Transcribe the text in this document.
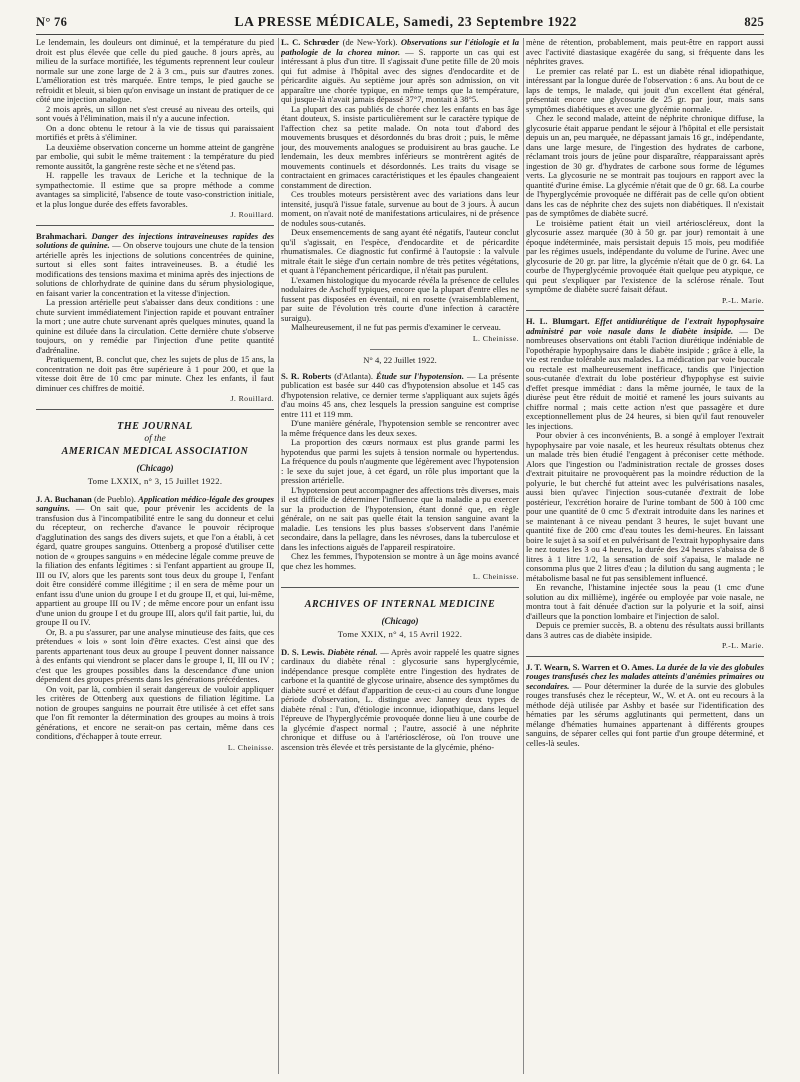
N° 76	LA PRESSE MÉDICALE, Samedi, 23 Septembre 1922	825

Le lendemain, les douleurs ont diminué, et la température du pied droit est plus élevée que celle du pied gauche. 8 jours après, au milieu de la surface mortifiée, les téguments reprennent leur couleur normale sur une zone large de 2 à 3 cm., puis sur d'autres zones. L'amélioration est très marquée. Entre temps, le pied gauche se refroidit et bleuit, si bien qu'on envisage un instant de pratiquer de ce côté une injection analogue.

2 mois après, un sillon net s'est creusé au niveau des orteils, qui sont voués à l'élimination, mais il n'y a aucune infection.

On a donc obtenu le retour à la vie de tissus qui paraissaient mortifiés et prêts à s'éliminer.

La deuxième observation concerne un homme atteint de gangrène par embolie, qui subit le même traitement : la température du pied remonte aussitôt, la gangrène reste sèche et ne s'étend pas.

H. rappelle les travaux de Leriche et la technique de la sympathectomie. Il estime que sa propre méthode a comme avantages sa simplicité, l'absence de toute vaso-constriction initiale, et la plus longue durée des effets favorables.

J. Rouillard.

Brahmachari. Danger des injections intraveineuses rapides des solutions de quinine. — On observe toujours une chute de la tension artérielle après les injections de solutions concentrées de quinine, surtout si elles sont faites intraveineuses. B. a étudié les modifications des tensions maxima et minima après des injections de solutions de chlorhydrate de quinine dans du sérum physiologique, en faisant varier la concentration et la vitesse d'injection.

La pression artérielle peut s'abaisser dans deux conditions : une chute survient immédiatement l'injection rapide et pouvant entraîner la mort ; une autre chute survenant après quelques minutes, quand la quinine est diluée dans la circulation. Cette dernière chute s'observe toujours, on y remédie par l'injection d'une petite quantité d'adrénaline.

Pratiquement, B. conclut que, chez les sujets de plus de 15 ans, la concentration ne doit pas être supérieure à 1 pour 200, et que la vitesse doit être de 10 cmc par minute. Chez les enfants, il faut diminuer ces chiffres de moitié.

J. Rouillard.

THE JOURNAL

of the

AMERICAN MEDICAL ASSOCIATION

(Chicago)

Tome LXXIX, n° 3, 15 Juillet 1922.

J. A. Buchanan (de Pueblo). Application médico-légale des groupes sanguins. — On sait que, pour prévenir les accidents de la transfusion dus à l'incompatibilité entre le sang du donneur et celui du récepteur, on recherche d'avance le pouvoir réciproque d'agglutination des sangs des divers sujets, et que l'on a établi, à cet égard, quatre groupes sanguins. Ottenberg a proposé d'utiliser cette notion de « groupes sanguins » en médecine légale comme preuve de la filiation des enfants légitimes : si l'enfant appartient au groupe II, III ou IV, alors que les parents sont tous deux du groupe I, l'enfant doit être considéré comme illégitime ; il en sera de même pour un enfant issu d'une union du groupe I et du groupe II, et qui, lui-même, appartient au groupe III ou IV ; de même encore pour un enfant issu d'une union du groupe I et du groupe III, alors qu'il fait partie, lui, du groupe II ou IV.

Or, B. a pu s'assurer, par une analyse minutieuse des faits, que ces prétendues « lois » sont loin d'être exactes. C'est ainsi que des parents appartenant tous deux au groupe I peuvent donner naissance à des enfants qui viendront se placer dans le groupe I, II, III ou IV ; c'est que les groupes possibles dans la descendance d'une union dépendent des groupes présents dans les générations précédentes.

On voit, par là, combien il serait dangereux de vouloir appliquer les critères de Ottenberg aux questions de filiation légitime. La notion de groupes sanguins ne pourrait être utilisée à cet effet sans que l'on fît remonter la détermination des groupes au moins à trois générations, et encore ne serait-on pas certain, même dans ces conditions, d'échapper à toute erreur.

L. Cheinisse.

L. C. Schrœder (de New-York). Observations sur l'étiologie et la pathologie de la chorea minor. — S. rapporte un cas qui est intéressant à plus d'un titre. Il s'agissait d'une petite fille de 20 mois qui fut admise à l'hôpital avec des signes d'endocardite et de péricardite aiguës. Au septième jour après son admission, on vit apparaître une chorée typique, en même temps que la température, qui jusque-là n'avait jamais dépassé 37°7, montait à 38°5.

La plupart des cas publiés de chorée chez les enfants en bas âge étant douteux, S. insiste particulièrement sur le caractère typique de l'affection chez sa petite malade. On nota tout d'abord des mouvements brusques et désordonnés du bras droit ; puis, le même jour, des mouvements analogues se produisirent au bras gauche. Le lendemain, les deux membres inférieurs se montrèrent agités de mouvements continuels et désordonnés. Les traits du visage se contractaient en grimaces caractéristiques et les épaules changeaient constamment de direction.

Ces troubles moteurs persistèrent avec des variations dans leur intensité, jusqu'à l'issue fatale, survenue au bout de 3 jours. À aucun moment, on n'avait noté de manifestations articulaires, ni de présence de nodules sous-cutanés.

Deux ensemencements de sang ayant été négatifs, l'auteur conclut qu'il s'agissait, en l'espèce, d'endocardite et de péricardite rhumatismales. Ce diagnostic fut confirmé à l'autopsie : la valvule mitrale était le siège d'un certain nombre de très petites végétations, et quant à l'épanchement péricardique, il n'était pas purulent.

L'examen histologique du myocarde révéla la présence de cellules nodulaires de Aschoff typiques, encore que la plupart d'entre elles ne fussent pas disposées en éventail, ni en rosette (vraisemblablement, par suite de l'évolution très courte d'une infection à caractère suraigu).

Malheureusement, il ne fut pas permis d'examiner le cerveau.

L. Cheinisse.

N° 4, 22 Juillet 1922.

S. R. Roberts (d'Atlanta). Étude sur l'hypotension. — La présente publication est basée sur 440 cas d'hypotension absolue et 145 cas d'hypotension relative, ce dernier terme s'appliquant aux sujets âgés d'au moins 45 ans, chez lesquels la pression sanguine est comprise entre 111 et 119 mm.

D'une manière générale, l'hypotension semble se rencontrer avec la même fréquence dans les deux sexes.

La proportion des cœurs normaux est plus grande parmi les hypotendus que parmi les sujets à tension normale ou hypertendus. La fréquence du pouls n'augmente que légèrement avec l'hypotension : le sexe du sujet joue, à cet égard, un rôle plus important que la pression artérielle.

L'hypotension peut accompagner des affections très diverses, mais il est difficile de déterminer l'influence que la maladie a pu exercer sur la production de l'hypotension, étant donné que, en règle générale, on ne sait pas quelle était la tension sanguine avant la maladie. Les tensions les plus basses s'observent dans l'anémie secondaire, dans la pellagre, dans les névroses, dans la tuberculose et dans les infections aiguës de l'appareil respiratoire.

Chez les femmes, l'hypotension se montre à un âge moins avancé que chez les hommes.

L. Cheinisse.

ARCHIVES OF INTERNAL MEDICINE

(Chicago)

Tome XXIX, n° 4, 15 Avril 1922.

D. S. Lewis. Diabète rénal. — Après avoir rappelé les quatre signes cardinaux du diabète rénal : glycosurie sans hyperglycémie, indépendance presque complète entre l'ingestion des hydrates de carbone et la quantité de glycose urinaire, absence des symptômes du diabète sucré et défaut d'apparition de ceux-ci au cours d'une longue période d'observation, L. distingue avec Janney deux types de diabète rénal : l'un, d'étiologie inconnue, idiopathique, dans lequel l'épreuve de l'hyperglycémie provoquée donne lieu à une courbe de la glycémie d'aspect normal ; l'autre, associé à une néphrite chronique et diffuse ou à l'artériosclérose, où l'on trouve une ascension très élevée et très persistante de la glycémie, phéno-

mène de rétention, probablement, mais peut-être en rapport aussi avec l'activité diastasique exagérée du sang, si fréquente dans les néphrites graves.

Le premier cas relaté par L. est un diabète rénal idiopathique, intéressant par la longue durée de l'observation : 6 ans. Au bout de ce laps de temps, le malade, qui jouit d'un excellent état général, présentait encore une glycosurie de 25 gr. par jour, mais sans symptômes diabétiques et avec une glycémie normale.

Chez le second malade, atteint de néphrite chronique diffuse, la glycosurie était apparue pendant le séjour à l'hôpital et elle persistait depuis un an, peu marquée, ne dépassant jamais 16 gr., indépendante, dans une large mesure, de l'ingestion des hydrates de carbone, réclamant trois jours de jeûne pour disparaître, réapparaissant après ingestion de 30 gr. d'hydrates de carbone sous forme de légumes verts. La glycosurie ne se montrait pas toujours en rapport avec la quantité d'urine émise. La glycémie n'était que de 0 gr. 68. La courbe de l'hyperglycémie provoquée ne différait pas de celle qu'on obtient dans les cas de néphrite chez des sujets non diabétiques. Il n'existait pas de symptômes de diabète sucré.

Le troisième patient était un vieil artérioscléreux, dont la glycosurie assez marquée (30 à 50 gr. par jour) remontait à une époque indéterminée, mais persistait depuis 15 mois, peu modifiée par les régimes usuels, indépendante du volume de l'urine. Avec une glycosurie de 20 gr. par litre, la glycémie n'était que de 0 gr. 64. La courbe de l'hyperglycémie provoquée était quelque peu atypique, ce qui peut s'expliquer par l'existence de la sclérose rénale. Tout symptôme de diabète sucré faisait défaut.

P.-L. Marie.

H. L. Blumgart. Effet antidiurétique de l'extrait hypophysaire administré par voie nasale dans le diabète insipide. — De nombreuses observations ont établi l'action diurétique indéniable de l'opothérapie hypophysaire dans le diabète insipide ; grâce à elle, la vie est rendue tolérable aux malades. La médication par voie buccale ou rectale est malheureusement inefficace, tandis que l'injection sous-cutanée d'extrait du lobe postérieur d'hypophyse est suivie d'effet presque immédiat : dans la même journée, le taux de la diurèse peut être réduit de moitié et ramené les jours suivants au chiffre normal ; mais cette action n'est que passagère et dure exceptionnellement plus de 24 heures, si bien qu'il faut renouveler les injections.

Pour obvier à ces inconvénients, B. a songé à employer l'extrait hypophysaire par voie nasale, et les heureux résultats obtenus chez un malade très bien étudié l'engagent à préconiser cette méthode. Alors que l'ingestion ou l'administration rectale de grosses doses d'extrait pituitaire ne provoquèrent pas la moindre réduction de la polyurie, le but cherché fut atteint avec les pulvérisations nasales, aussi bien qu'avec l'injection sous-cutanée d'extrait de lobe postérieur, l'excrétion horaire de l'urine tombant de 500 à 100 cmc pour une quantité de 0 cmc 5 d'extrait introduite dans les narines et se maintenant à ce niveau pendant 3 heures, le sujet buvant une quantité fixe de 200 cmc d'eau toutes les demi-heures. En laissant boire le sujet à sa soif et en pulvérisant de l'extrait hypophysaire dans le nez toutes les 3 ou 4 heures, la durée des 24 heures s'abaissa de 8 litres à 1 litre 1/2, la sensation de soif s'apaisa, le malade ne consomma plus que 2 litres d'eau ; la dilution du sang augmenta ; le métabolisme basal ne fut pas sensiblement influencé.

En revanche, l'histamine injectée sous la peau (1 cmc d'une solution au dix millième), ingérée ou employée par voie nasale, ne montra tout à fait dénuée d'action sur la polyurie et la soif, ainsi d'ailleurs que la ponction lombaire et l'injection de salol.

Depuis ce premier succès, B. a obtenu des résultats aussi brillants dans 3 autres cas de diabète insipide.

P.-L. Marie.

J. T. Wearn, S. Warren et O. Ames. La durée de la vie des globules rouges transfusés chez les malades atteints d'anémies primaires ou secondaires. — Pour déterminer la durée de la survie des globules rouges transfusés chez le récepteur, W., W. et A. ont eu recours à la méthode déjà utilisée par Ashby et basée sur l'identification des hématies par les sérums agglutinants qui permettent, dans un mélange d'hématies humaines appartenant à différents groupes sanguins, de séparer celles qui font partie d'un groupe déterminé, et celles-là seules.
